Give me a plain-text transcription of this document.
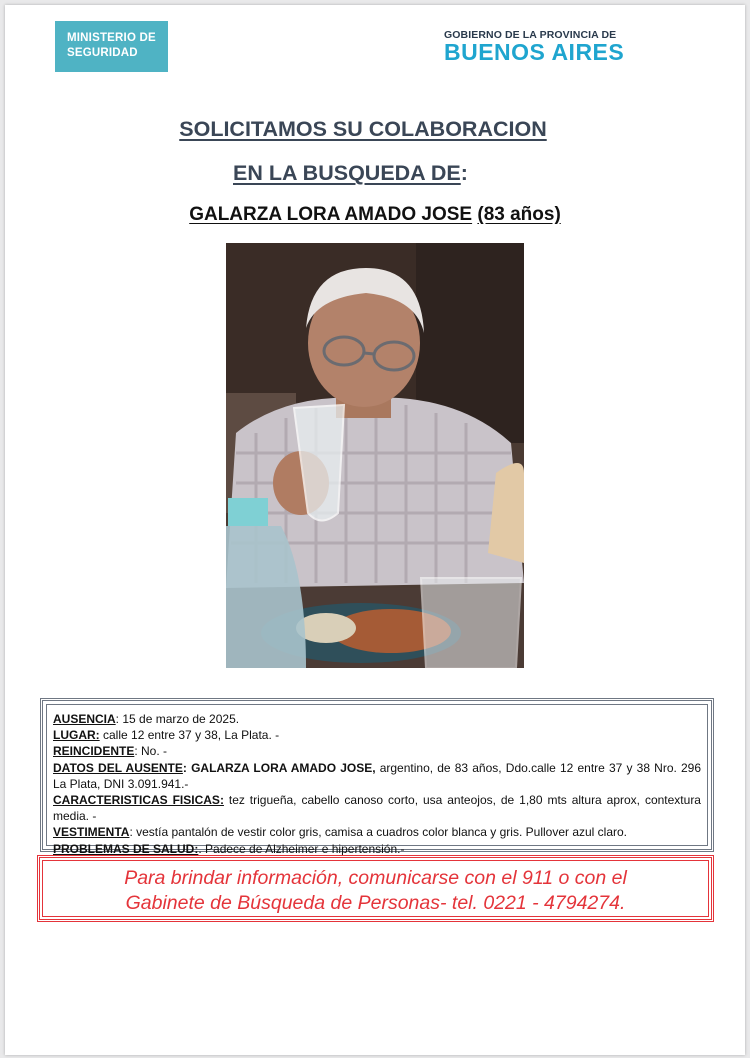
MINISTERIO DE
SEGURIDAD
GOBIERNO DE LA PROVINCIA DE
BUENOS AIRES
SOLICITAMOS SU COLABORACION
EN LA BUSQUEDA DE:
GALARZA LORA AMADO JOSE (83 años)
AUSENCIA: 15 de marzo de 2025.
LUGAR: calle 12 entre 37 y 38, La Plata. -
REINCIDENTE: No. -
DATOS DEL AUSENTE: GALARZA LORA AMADO JOSE, argentino, de 83 años, Ddo.calle 12 entre 37 y 38 Nro. 296 La Plata, DNI 3.091.941.-
CARACTERISTICAS FISICAS: tez trigueña, cabello canoso corto, usa anteojos, de 1,80 mts altura aprox, contextura media. -
VESTIMENTA: vestía pantalón de vestir color gris, camisa a cuadros color blanca y gris. Pullover azul claro.
PROBLEMAS DE SALUD:. Padece de Alzheimer e hipertensión.-
Para brindar información, comunicarse con el 911 o con el
Gabinete de Búsqueda de Personas- tel. 0221 - 4794274.
